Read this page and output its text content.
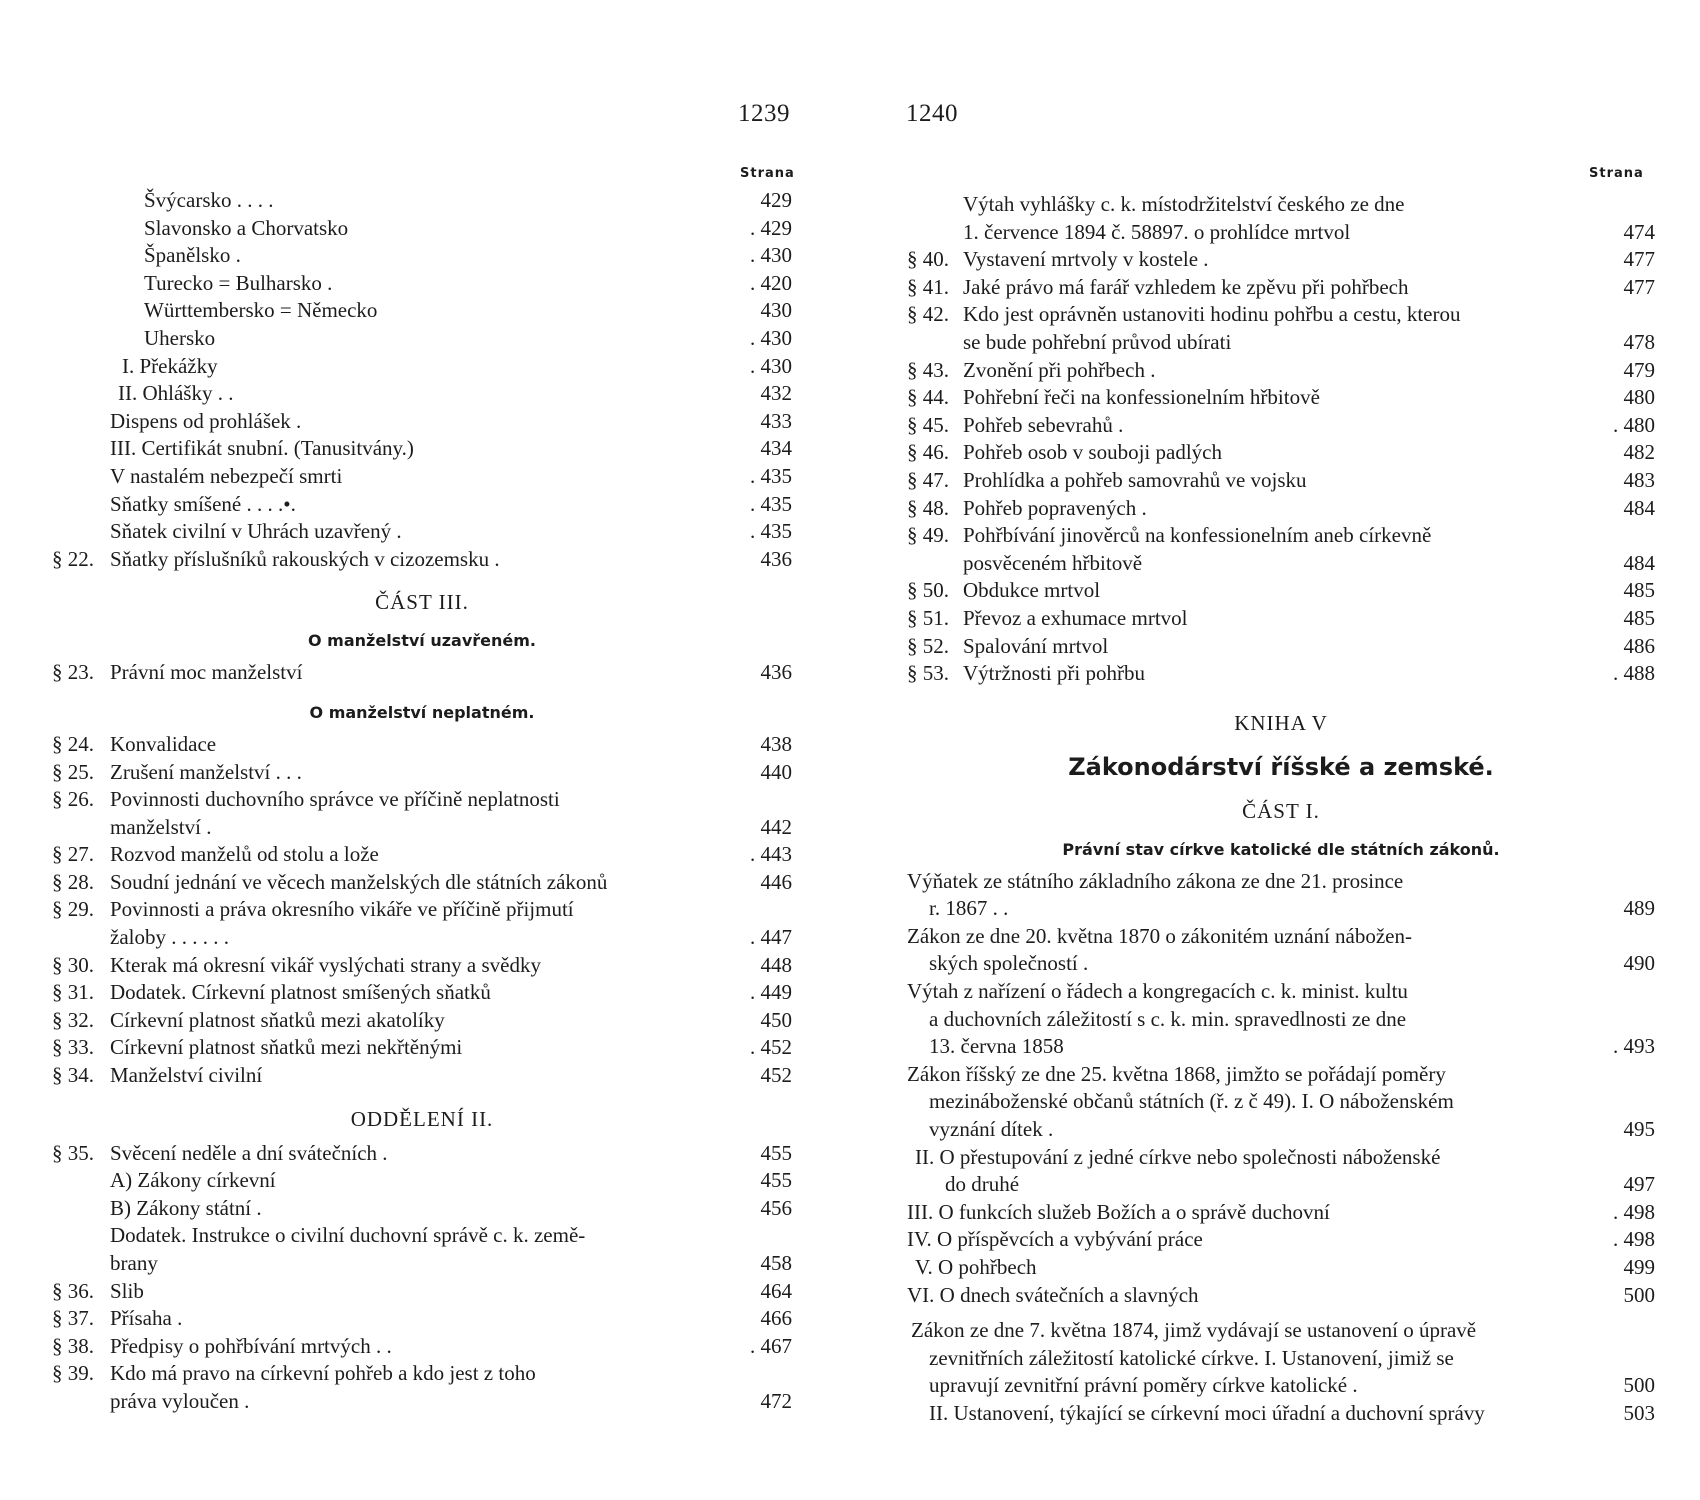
1239
Strana
Švýcarsko . . . .	429
Slavonsko a Chorvatsko	. 429
Španělsko .	. 430
Turecko = Bulharsko .	. 420
Württembersko = Německo	430
Uhersko	. 430
I. Překážky	. 430
II. Ohlášky . .	432
Dispens od prohlášek .	433
III. Certifikát snubní. (Tanusitvány.)	434
V nastalém nebezpečí smrti	. 435
Sňatky smíšené . . . .•.	. 435
Sňatek civilní v Uhrách uzavřený .	. 435
§ 22. Sňatky příslušníků rakouských v cizozemsku .	436
ČÁST III.
O manželství uzavřeném.
§ 23. Právní moc manželství	436
O manželství neplatném.
§ 24. Konvalidace	438
§ 25. Zrušení manželství . . .	440
§ 26. Povinnosti duchovního správce ve příčině neplatnosti
manželství .	442
§ 27. Rozvod manželů od stolu a lože	. 443
§ 28. Soudní jednání ve věcech manželských dle státních zákonů	446
§ 29. Povinnosti a práva okresního vikáře ve příčině přijmutí
žaloby . . . . . .	. 447
§ 30. Kterak má okresní vikář vyslýchati strany a svědky	448
§ 31. Dodatek. Církevní platnost smíšených sňatků	. 449
§ 32. Církevní platnost sňatků mezi akatolíky	450
§ 33. Církevní platnost sňatků mezi nekřtěnými	. 452
§ 34. Manželství civilní	452
ODDĚLENÍ II.
§ 35. Svěcení neděle a dní svátečních .	455
A) Zákony církevní	455
B) Zákony státní .	456
Dodatek. Instrukce o civilní duchovní správě c. k. země-
brany	458
§ 36. Slib	464
§ 37. Přísaha .	466
§ 38. Předpisy o pohřbívání mrtvých . .	. 467
§ 39. Kdo má pravo na církevní pohřeb a kdo jest z toho
práva vyloučen .	472
1240
Strana
Výtah vyhlášky c. k. místodržitelství českého ze dne
1. července 1894 č. 58897. o prohlídce mrtvol	474
§ 40. Vystavení mrtvoly v kostele .	477
§ 41. Jaké právo má farář vzhledem ke zpěvu při pohřbech	477
§ 42. Kdo jest oprávněn ustanoviti hodinu pohřbu a cestu, kterou
se bude pohřební průvod ubírati	478
§ 43. Zvonění při pohřbech .	479
§ 44. Pohřební řeči na konfessionelním hřbitově	480
§ 45. Pohřeb sebevrahů .	. 480
§ 46. Pohřeb osob v souboji padlých	482
§ 47. Prohlídka a pohřeb samovrahů ve vojsku	483
§ 48. Pohřeb popravených .	484
§ 49. Pohřbívání jinověrců na konfessionelním aneb církevně
posvěceném hřbitově	484
§ 50. Obdukce mrtvol	485
§ 51. Převoz a exhumace mrtvol	485
§ 52. Spalování mrtvol	486
§ 53. Výtržnosti při pohřbu	. 488
KNIHA V
Zákonodárství říšské a zemské.
ČÁST I.
Právní stav církve katolické dle státních zákonů.
Výňatek ze státního základního zákona ze dne 21. prosince
r. 1867 . .	489
Zákon ze dne 20. května 1870 o zákonitém uznání nábožen-
ských společností .	490
Výtah z nařízení o řádech a kongregacích c. k. minist. kultu
a duchovních záležitostí s c. k. min. spravedlnosti ze dne
13. června 1858	. 493
Zákon říšský ze dne 25. května 1868, jimžto se pořádají poměry
mezináboženské občanů státních (ř. z č 49). I. O náboženském
vyznání dítek .	495
II. O přestupování z jedné církve nebo společnosti náboženské
do druhé	497
III. O funkcích služeb Božích a o správě duchovní	. 498
IV. O příspěvcích a vybývání práce	. 498
V. O pohřbech	499
VI. O dnech svátečních a slavných	500
Zákon ze dne 7. května 1874, jimž vydávají se ustanovení o úpravě
zevnitřních záležitostí katolické církve. I. Ustanovení, jimiž se
upravují zevnitřní právní poměry církve katolické .	500
II. Ustanovení, týkající se církevní moci úřadní a duchovní správy	503
